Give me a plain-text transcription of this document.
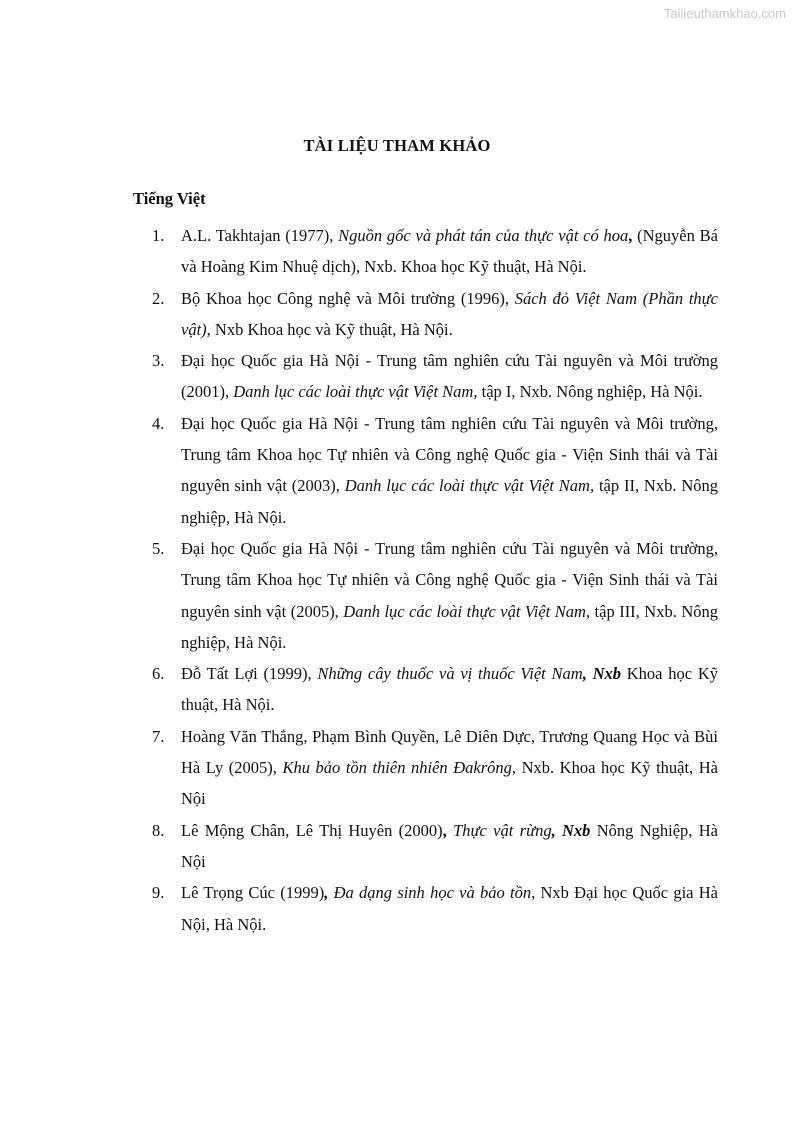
Tailieuthamkhao.com
TÀI LIỆU THAM KHẢO
Tiếng Việt
1. A.L. Takhtajan (1977), Nguồn gốc và phát tán của thực vật có hoa, (Nguyễn Bá và Hoàng Kim Nhuệ dịch), Nxb. Khoa học Kỹ thuật, Hà Nội.
2. Bộ Khoa học Công nghệ và Môi trường (1996), Sách đỏ Việt Nam (Phần thực vật), Nxb Khoa học và Kỹ thuật, Hà Nội.
3. Đại học Quốc gia Hà Nội - Trung tâm nghiên cứu Tài nguyên và Môi trường (2001), Danh lục các loài thực vật Việt Nam, tập I, Nxb. Nông nghiệp, Hà Nội.
4. Đại học Quốc gia Hà Nội - Trung tâm nghiên cứu Tài nguyên và Môi trường, Trung tâm Khoa học Tự nhiên và Công nghệ Quốc gia - Viện Sinh thái và Tài nguyên sinh vật (2003), Danh lục các loài thực vật Việt Nam, tập II, Nxb. Nông nghiệp, Hà Nội.
5. Đại học Quốc gia Hà Nội - Trung tâm nghiên cứu Tài nguyên và Môi trường, Trung tâm Khoa học Tự nhiên và Công nghệ Quốc gia - Viện Sinh thái và Tài nguyên sinh vật (2005), Danh lục các loài thực vật Việt Nam, tập III, Nxb. Nông nghiệp, Hà Nội.
6. Đỗ Tất Lợi (1999), Những cây thuốc và vị thuốc Việt Nam, Nxb Khoa học Kỹ thuật, Hà Nội.
7. Hoàng Văn Thắng, Phạm Bình Quyền, Lê Diên Dực, Trương Quang Học và Bùi Hà Ly (2005), Khu bảo tồn thiên nhiên Đakrông, Nxb. Khoa học Kỹ thuật, Hà Nội
8. Lê Mộng Chân, Lê Thị Huyên (2000), Thực vật rừng, Nxb Nông Nghiệp, Hà Nội
9. Lê Trọng Cúc (1999), Đa dạng sinh học và bảo tồn, Nxb Đại học Quốc gia Hà Nội, Hà Nội.
